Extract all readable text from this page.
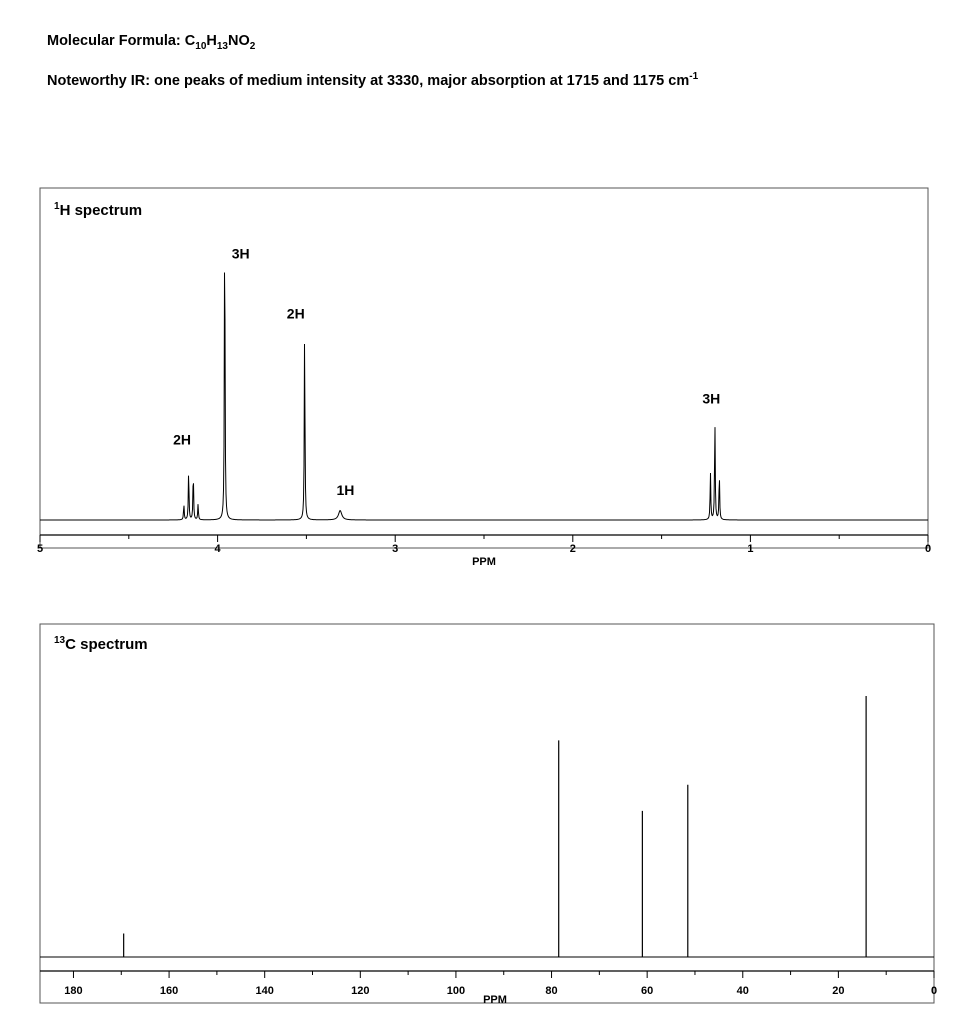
Molecular Formula: $C_{10}H_{13}NO_2$
Noteworthy IR: one peaks of medium intensity at 3330, major absorption at 1715 and 1175 $cm^{-1}$
$^1$H spectrum
2H
3H
2H
1H
3H
5	4	3	2	1	0
PPM
$^{13}$C spectrum
180	160	140	120	100	80	60	40	20	0
PPM
